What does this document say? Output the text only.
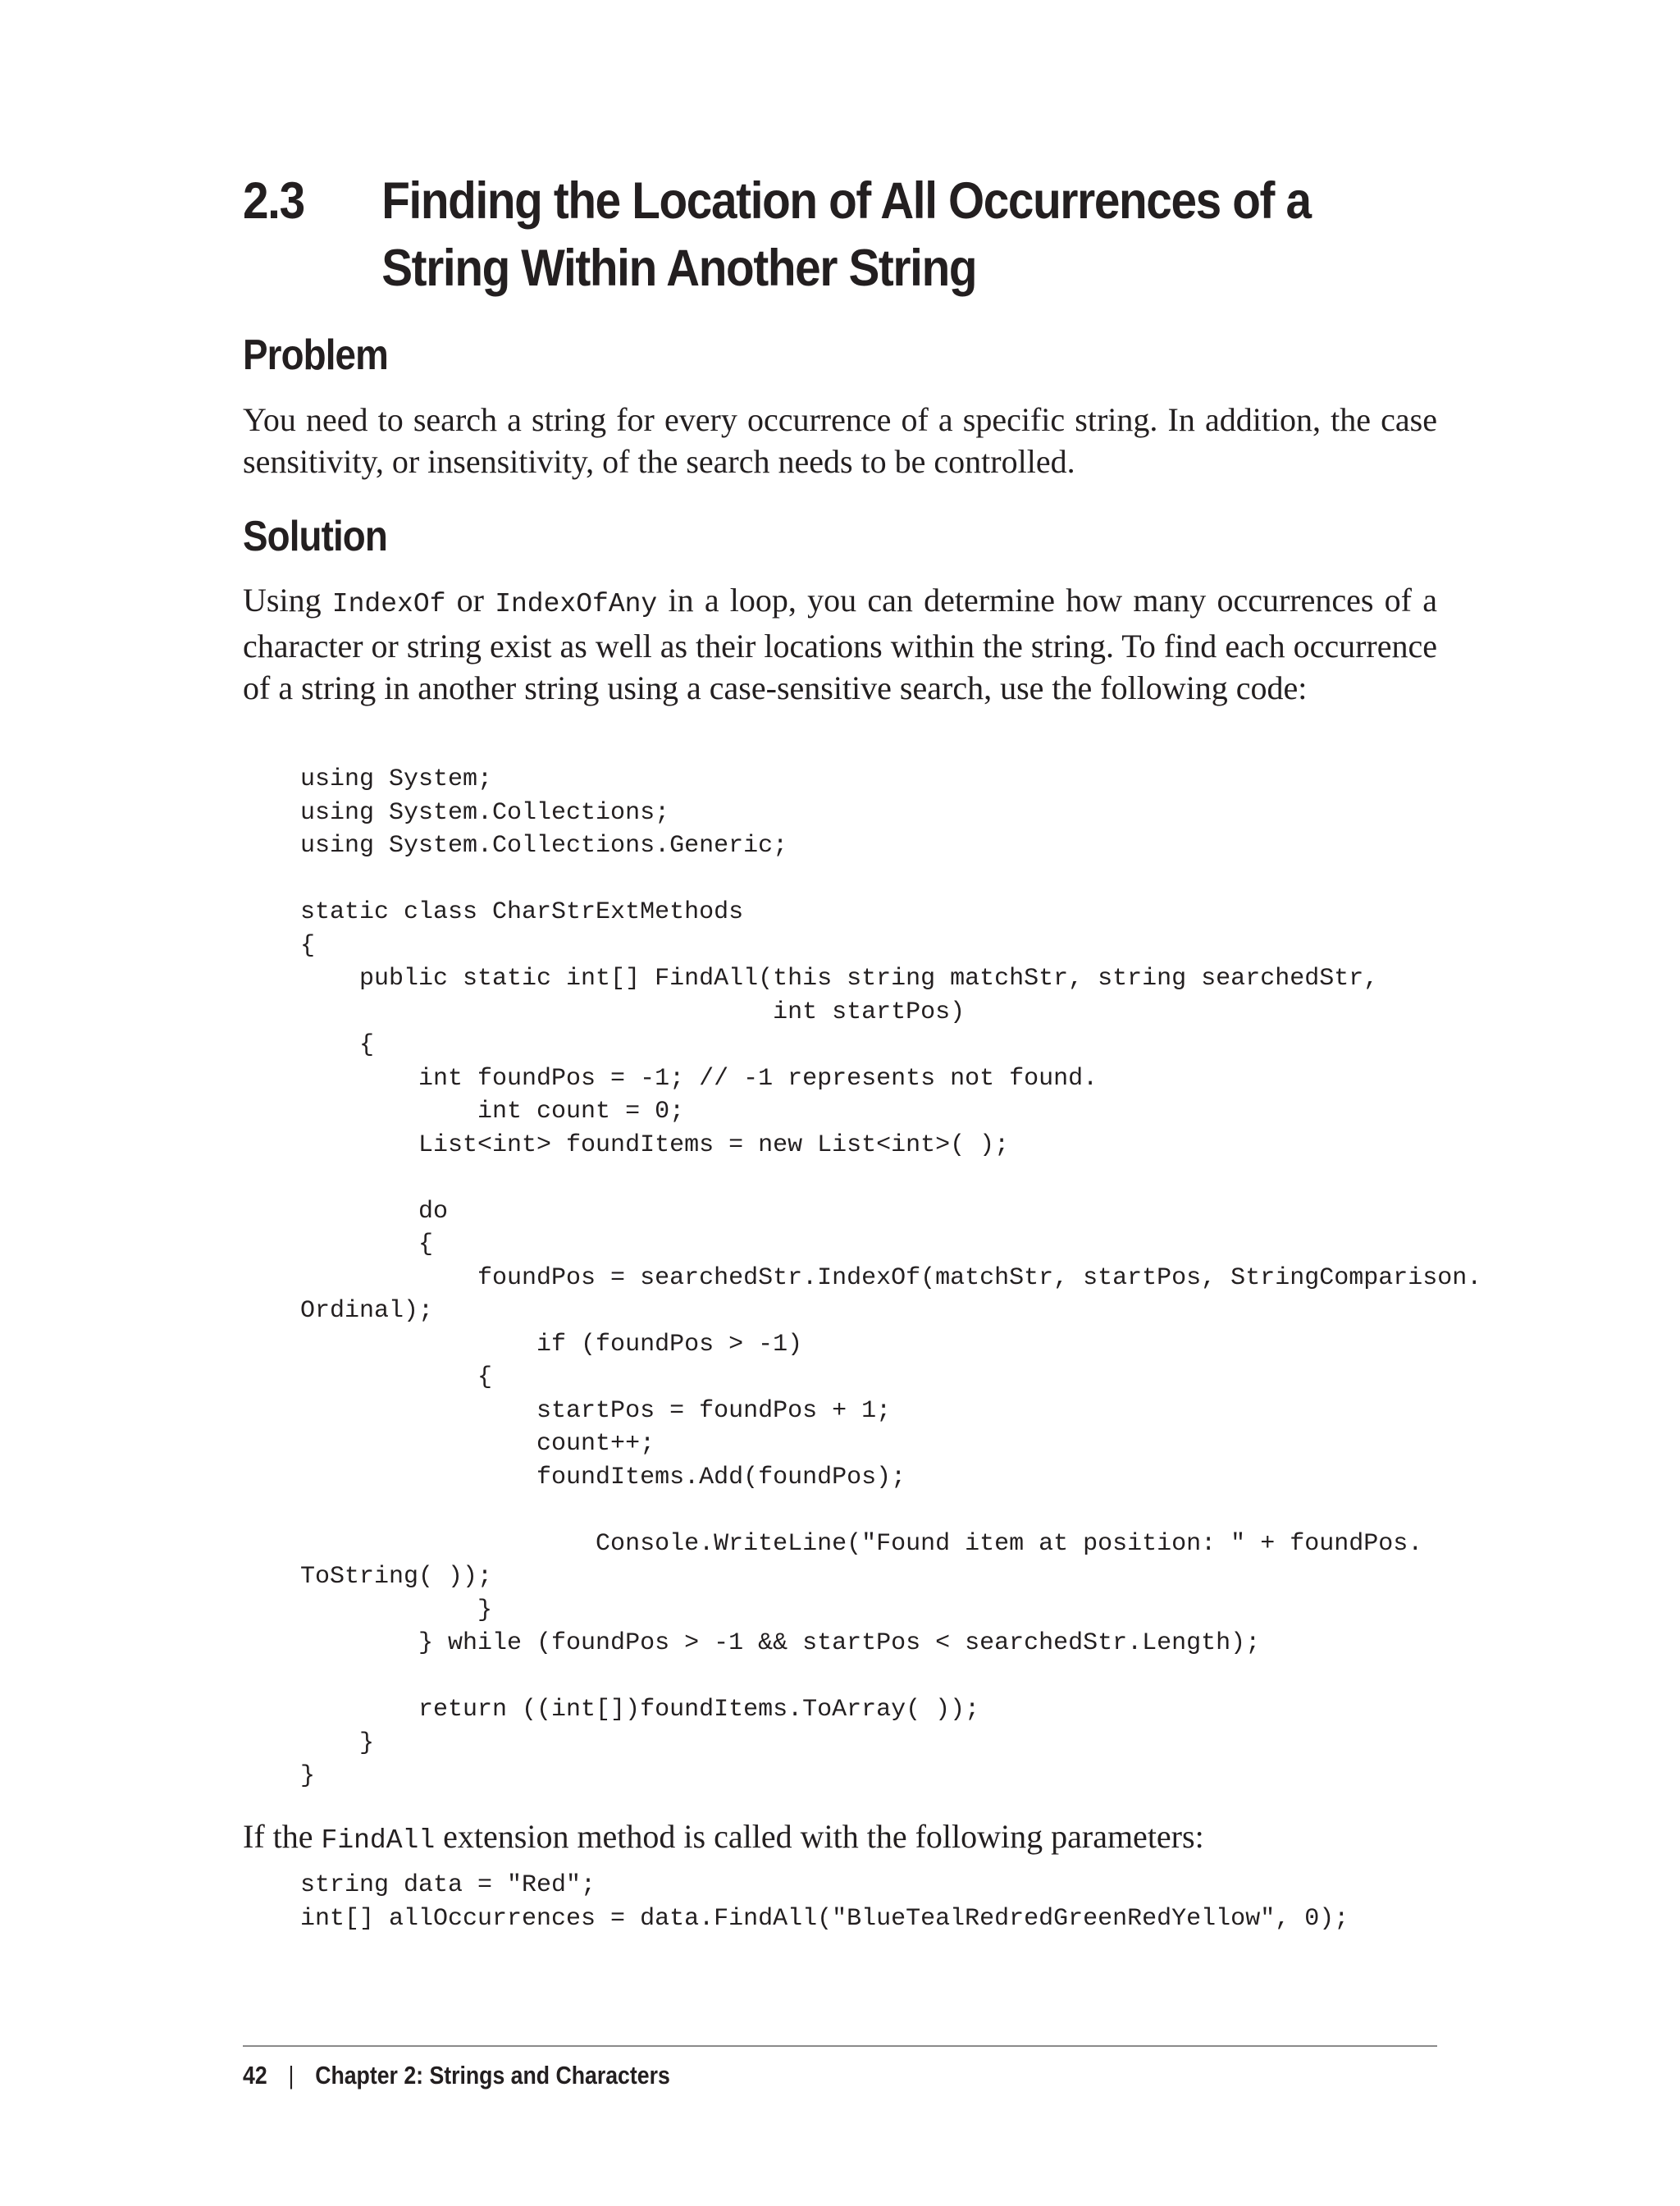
2.3 Finding the Location of All Occurrences of a
String Within Another String
Problem
You need to search a string for every occurrence of a specific string. In addition, the case sensitivity, or insensitivity, of the search needs to be controlled.
Solution
Using IndexOf or IndexOfAny in a loop, you can determine how many occurrences of a character or string exist as well as their locations within the string. To find each occurrence of a string in another string using a case-sensitive search, use the following code:
using System;
using System.Collections;
using System.Collections.Generic;

static class CharStrExtMethods
{
public static int[] FindAll(this string matchStr, string searchedStr,
int startPos)
{
int foundPos = -1; // -1 represents not found.
int count = 0;
List<int> foundItems = new List<int>( );

do
{
foundPos = searchedStr.IndexOf(matchStr, startPos, StringComparison.
Ordinal);
if (foundPos > -1)
{
startPos = foundPos + 1;
count++;
foundItems.Add(foundPos);

Console.WriteLine("Found item at position: " + foundPos.
ToString( ));
}
} while (foundPos > -1 && startPos < searchedStr.Length);

return ((int[])foundItems.ToArray( ));
}
}
If the FindAll extension method is called with the following parameters:
string data = "Red";
int[] allOccurrences = data.FindAll("BlueTealRedredGreenRedYellow", 0);
42 | Chapter 2: Strings and Characters
